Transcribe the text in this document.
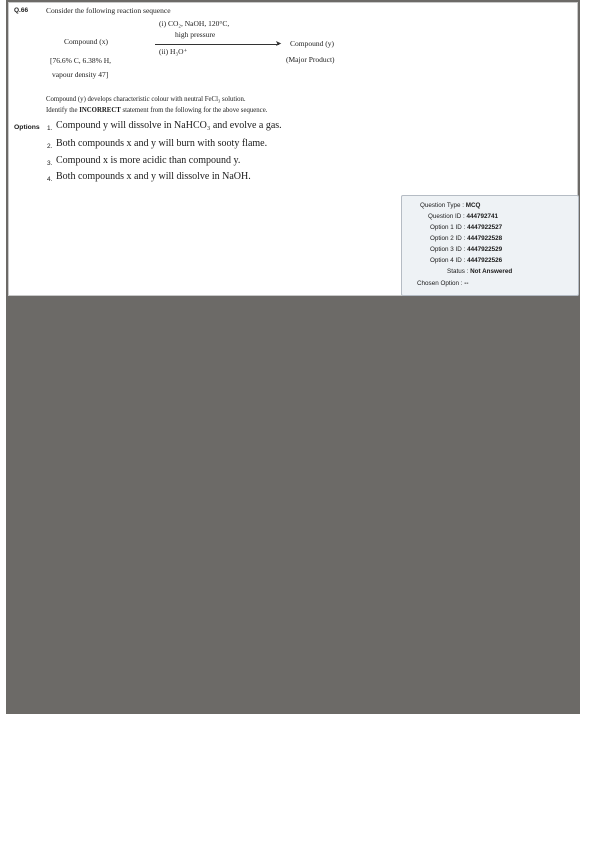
Q.66 Consider the following reaction sequence
(i) CO₂, NaOH, 120°C,
high pressure
➤
(ii) H₃O⁺
Compound (x)
[76.6% C, 6.38% H,
vapour density 47]
Compound (y)
(Major Product)
Compound (y) develops characteristic colour with neutral FeCl₃ solution.
Identify the INCORRECT statement from the following for the above sequence.
Options 1. Compound y will dissolve in NaHCO₃ and evolve a gas.
2. Both compounds x and y will burn with sooty flame.
3. Compound x is more acidic than compound y.
4. Both compounds x and y will dissolve in NaOH.
Question Type : MCQ
Question ID : 444792741
Option 1 ID : 4447922527
Option 2 ID : 4447922528
Option 3 ID : 4447922529
Option 4 ID : 4447922526
Status : Not Answered
Chosen Option : --
